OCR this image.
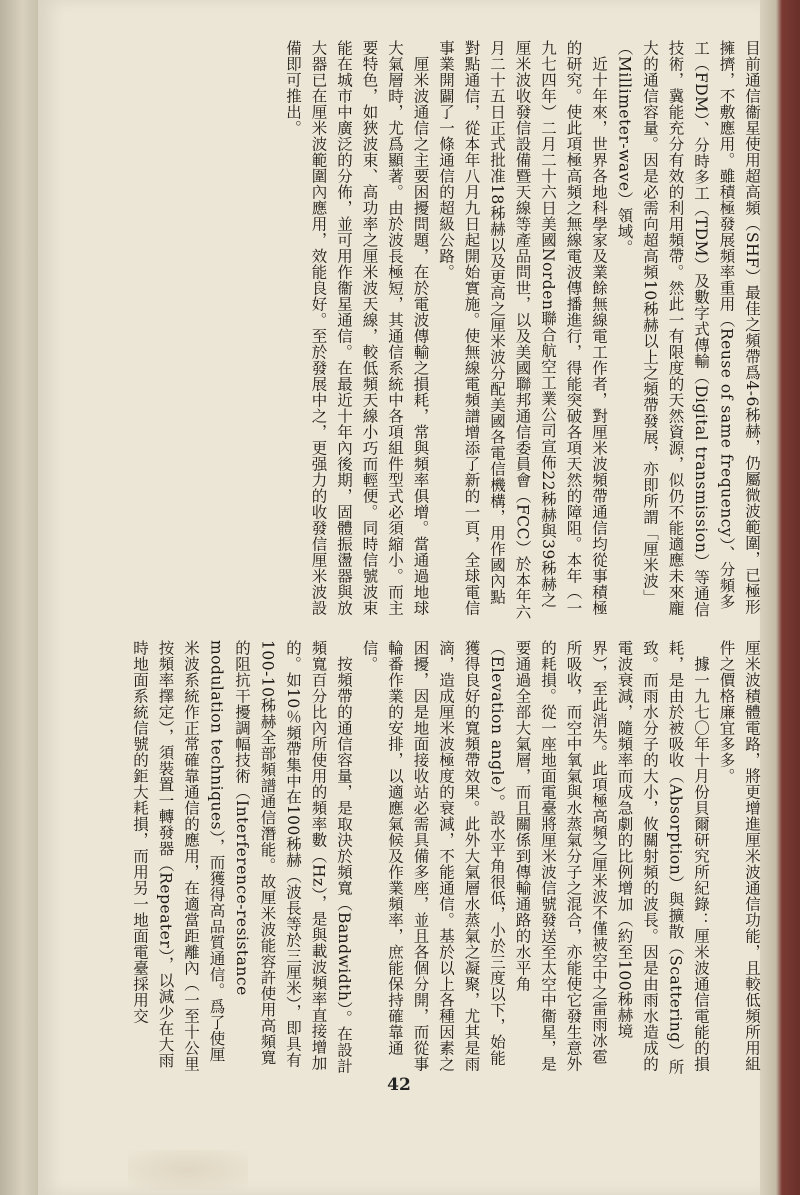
目前通信衞星使用超高頻（SHF）最佳之頻帶爲4-6秭赫，仍屬微波範圍，已極形擁擠，不敷應用。雖積極發展頻率重用（Reuse of same frequency）、分頻多工（FDM）、分時多工（TDM）及數字式傳輸（Digital transmission）等通信技術，冀能充分有效的利用頻帶。然此一有限度的天然資源，似仍不能適應未來龐大的通信容量。因是必需向超高頻10秭赫以上之頻帶發展，亦即所謂「厘米波」（Millimeter-wave）領域。
　近十年來，世界各地科學家及業餘無線電工作者，對厘米波頻帶通信均從事積極的研究。使此項極高頻之無線電波傳播進行，得能突破各項天然的障阻。本年（一九七四年）二月二十六日美國Norden聯合航空工業公司宣佈22秭赫與39秭赫之厘米波收發信設備暨天線等產品問世，以及美國聯邦通信委員會（FCC）於本年六月二十五日正式批准18秭赫以及更高之厘米波分配美國各電信機構，用作國內點對點通信，從本年八月九日起開始實施。使無線電頻譜增添了新的一頁，全球電信事業開闢了一條通信的超級公路。
　厘米波通信之主要困擾問題，在於電波傳輸之損耗，常與頻率俱增。當通過地球大氣層時，尤爲顯著。由於波長極短，其通信系統中各項組件型式必須縮小。而主要特色，如狹波束、高功率之厘米波天線，較低頻天線小巧而輕便。同時信號波束能在城市中廣泛的分佈，並可用作衞星通信。在最近十年內後期，固體振盪器與放大器已在厘米波範圍內應用，效能良好。至於發展中之，更强力的收發信厘米波設備即可推出。
厘米波積體電路，將更增進厘米波通信功能，且較低頻所用組件之價格廉宜多多。
　據一九七〇年十月份貝爾研究所紀錄：厘米波通信電能的損耗，是由於被吸收（Absorption）與擴散（Scattering）所致。而雨水分子的大小，攸關射頻的波長。因是由雨水造成的電波衰減，隨頻率而成急劇的比例增加（約至100秭赫境界），至此消失。此項極高頻之厘米波不僅被空中之雷雨冰雹所吸收，而空中氧氣與水蒸氣分子之混合，亦能使它發生意外的耗損。從一座地面電臺將厘米波信號發送至太空中衞星，是要通過全部大氣層，而且關係到傳輸通路的水平角（Elevation angle）。設水平角很低，小於三度以下，始能獲得良好的寬頻帶效果。此外大氣層水蒸氣之凝聚，尤其是雨滴，造成厘米波極度的衰減，不能通信。基於以上各種因素之困擾，因是地面接收站必需具備多座，並且各個分開，而從事輪番作業的安排，以適應氣候及作業頻率，庶能保持確靠通信。
　按頻帶的通信容量，是取決於頻寬（Bandwidth）。在設計頻寬百分比內所使用的頻率數（Hz），是與載波頻率直接增加的。如10％頻帶集中在100秭赫（波長等於三厘米），即具有100-10秭赫全部頻譜通信潛能。故厘米波能容許使用高頻寬的阻抗干擾調幅技術（Interference-resistance modulation techniques），而獲得高品質通信。爲了使厘米波系統作正常確靠通信的應用，在適當距離內（一至十公里按頻率擇定），須裝置一轉發器（Repeater），以減少在大雨時地面系統信號的鉅大耗損，而用另一地面電臺採用交
42
